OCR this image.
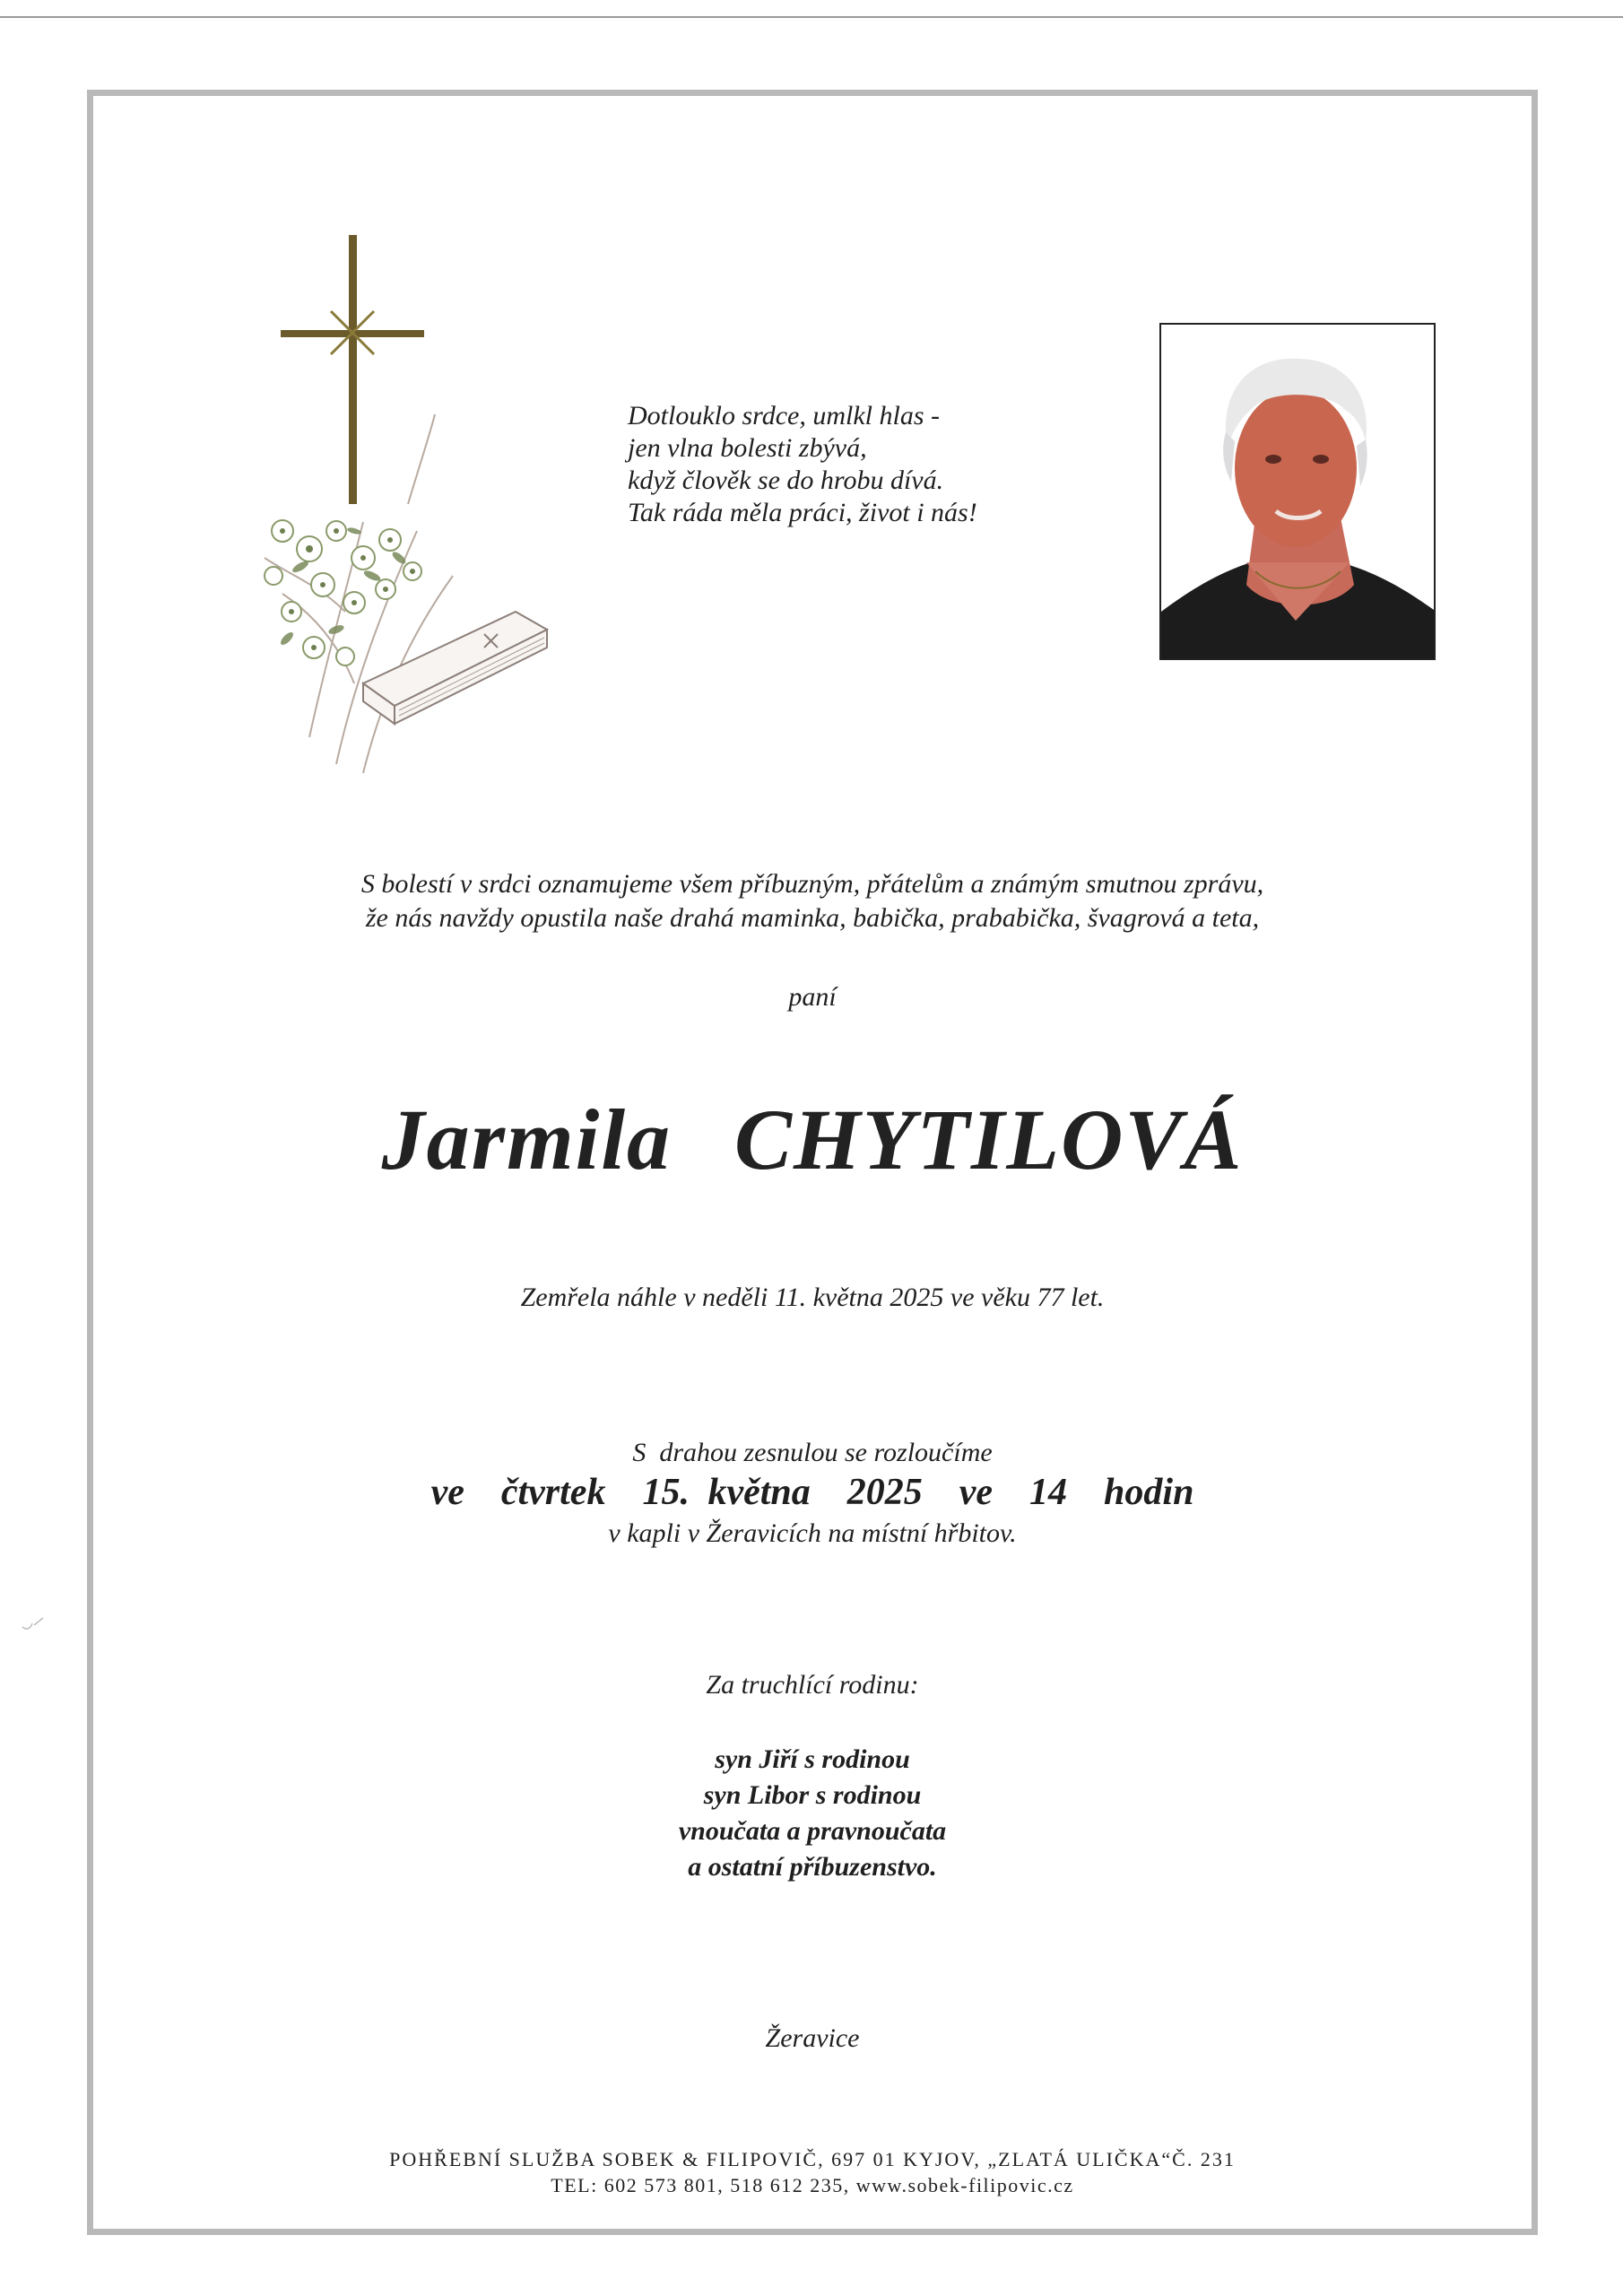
Dotlouklo srdce, umlkl hlas -
jen vlna bolesti zbývá,
když člověk se do hrobu dívá.
Tak ráda měla práci, život i nás!
S bolestí v srdci oznamujeme všem příbuzným, přátelům a známým smutnou zprávu,
že nás navždy opustila naše drahá maminka, babička, prababička, švagrová a teta,
paní
Jarmila CHYTILOVÁ
Zemřela náhle v neděli 11. května 2025 ve věku 77 let.
S  drahou zesnulou se rozloučíme
ve  čtvrtek  15. května  2025  ve  14  hodin
v kapli v Žeravicích na místní hřbitov.
Za truchlící rodinu:
syn Jiří s rodinou
syn Libor s rodinou
vnoučata a pravnoučata
a ostatní příbuzenstvo.
Žeravice
POHŘEBNÍ SLUŽBA SOBEK & FILIPOVIČ, 697 01 KYJOV, „ZLATÁ ULIČKA“Č. 231
TEL: 602 573 801, 518 612 235, www.sobek-filipovic.cz
